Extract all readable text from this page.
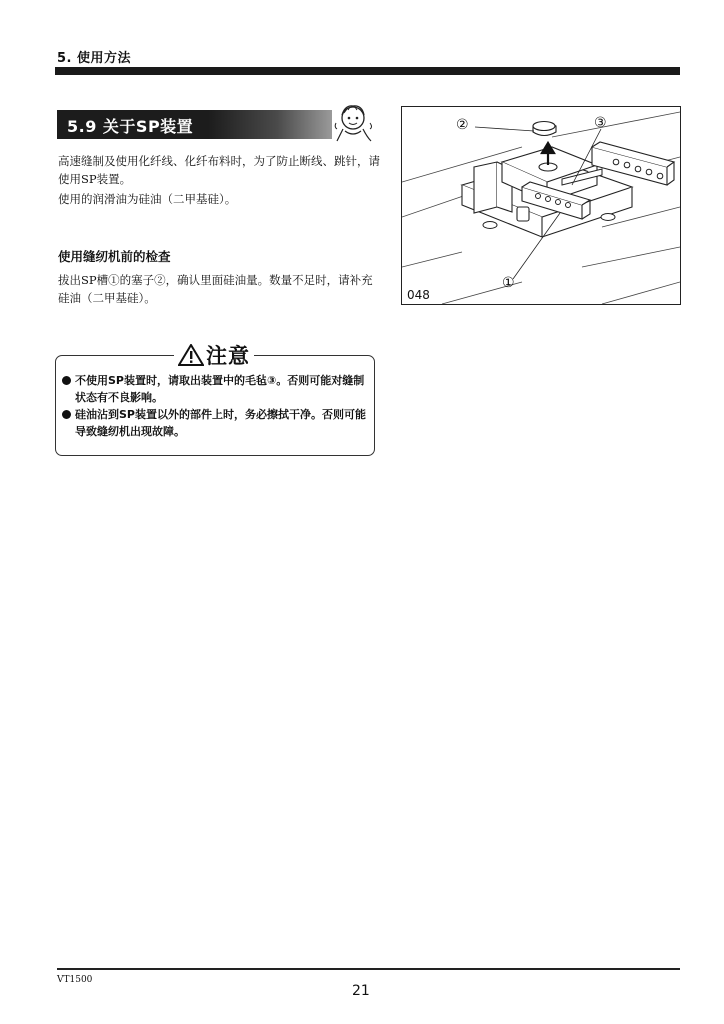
5. 使用方法
5.9 关于SP装置
高速缝制及使用化纤线、化纤布料时，为了防止断线、跳针，请使用SP装置。
使用的润滑油为硅油（二甲基硅）。
使用缝纫机前的检查
拔出SP槽①的塞子②，确认里面硅油量。数量不足时，请补充硅油（二甲基硅）。
注意
不使用SP装置时，请取出装置中的毛毡③。否则可能对缝制状态有不良影响。
硅油沾到SP装置以外的部件上时，务必擦拭干净。否则可能导致缝纫机出现故障。
②	③
①
048
VT1500
21
